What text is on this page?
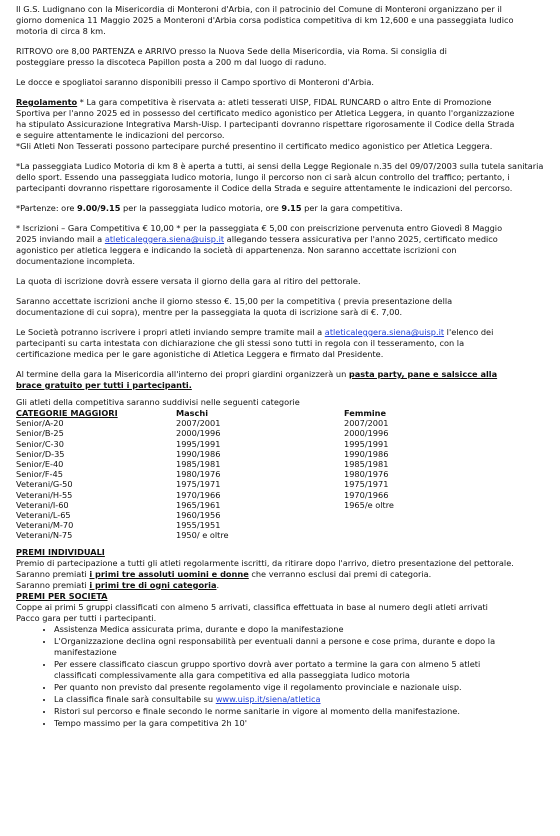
Il G.S. Ludignano con la Misericordia di Monteroni d'Arbia, con il patrocinio del Comune di Monteroni organizzano per il

giorno domenica 11 Maggio 2025 a Monteroni d'Arbia corsa podistica competitiva di km 12,600 e una passeggiata ludico

motoria di circa 8 km.

RITROVO ore 8,00 PARTENZA e ARRIVO presso la Nuova Sede della Misericordia, via Roma. Si consiglia di

posteggiare presso la discoteca Papillon posta a 200 m dal luogo di raduno.

Le docce e spogliatoi saranno disponibili presso il Campo sportivo di Monteroni d'Arbia.

Regolamento * La gara competitiva è riservata a: atleti tesserati UISP, FIDAL RUNCARD o altro Ente di Promozione

Sportiva per l'anno 2025 ed in possesso del certificato medico agonistico per Atletica Leggera, in quanto l'organizzazione

ha stipulato Assicurazione Integrativa Marsh-Uisp. I partecipanti dovranno rispettare rigorosamente il Codice della Strada

e seguire attentamente le indicazioni del percorso.

*Gli Atleti Non Tesserati possono partecipare purché presentino il certificato medico agonistico per Atletica Leggera.

*La passeggiata Ludico Motoria di km 8 è aperta a tutti, ai sensi della Legge Regionale n.35 del 09/07/2003 sulla tutela sanitaria

dello sport. Essendo una passeggiata ludico motoria, lungo il percorso non ci sarà alcun controllo del traffico; pertanto, i

partecipanti dovranno rispettare rigorosamente il Codice della Strada e seguire attentamente le indicazioni del percorso.

*Partenze: ore 9.00/9.15 per la passeggiata ludico motoria, ore 9.15 per la gara competitiva.

* Iscrizioni – Gara Competitiva € 10,00 * per la passeggiata € 5,00 con preiscrizione pervenuta entro Giovedì 8 Maggio

2025 inviando mail a atleticaleggera.siena@uisp.it allegando tessera assicurativa per l'anno 2025, certificato medico

agonistico per atletica leggera e indicando la società di appartenenza. Non saranno accettate iscrizioni con

documentazione incompleta.

La quota di iscrizione dovrà essere versata il giorno della gara al ritiro del pettorale.

Saranno accettate iscrizioni anche il giorno stesso €. 15,00 per la competitiva ( previa presentazione della

documentazione di cui sopra), mentre per la passeggiata la quota di iscrizione sarà di €. 7,00.

Le Società potranno iscrivere i propri atleti inviando sempre tramite mail a atleticaleggera.siena@uisp.it l'elenco dei

partecipanti su carta intestata con dichiarazione che gli stessi sono tutti in regola con il tesseramento, con la

certificazione medica per le gare agonistiche di Atletica Leggera e firmato dal Presidente.

Al termine della gara la Misericordia all'interno dei propri giardini organizzerà un pasta party, pane e salsicce alla

brace gratuito per tutti i partecipanti.

Gli atleti della competitiva saranno suddivisi nelle seguenti categorie

CATEGORIE MAGGIORI	Maschi	Femmine
Senior/A-20	2007/2001	2007/2001
Senior/B-25	2000/1996	2000/1996
Senior/C-30	1995/1991	1995/1991
Senior/D-35	1990/1986	1990/1986
Senior/E-40	1985/1981	1985/1981
Senior/F-45	1980/1976	1980/1976
Veterani/G-50	1975/1971	1975/1971
Veterani/H-55	1970/1966	1970/1966
Veterani/I-60	1965/1961	1965/e oltre
Veterani/L-65	1960/1956
Veterani/M-70	1955/1951
Veterani/N-75	1950/ e oltre

PREMI INDIVIDUALI

Premio di partecipazione a tutti gli atleti regolarmente iscritti, da ritirare dopo l'arrivo, dietro presentazione del pettorale.

Saranno premiati i primi tre assoluti uomini e donne che verranno esclusi dai premi di categoria.

Saranno premiati i primi tre di ogni categoria.

PREMI PER SOCIETA

Coppe ai primi 5 gruppi classificati con almeno 5 arrivati, classifica effettuata in base al numero degli atleti arrivati

Pacco gara per tutti i partecipanti.

• Assistenza Medica assicurata prima, durante e dopo la manifestazione
• L'Organizzazione declina ogni responsabilità per eventuali danni a persone e cose prima, durante e dopo la
manifestazione
• Per essere classificato ciascun gruppo sportivo dovrà aver portato a termine la gara con almeno 5 atleti
classificati complessivamente alla gara competitiva ed alla passeggiata ludico motoria
• Per quanto non previsto dal presente regolamento vige il regolamento provinciale e nazionale uisp.
• La classifica finale sarà consultabile su www.uisp.it/siena/atletica
• Ristori sul percorso e finale secondo le norme sanitarie in vigore al momento della manifestazione.
• Tempo massimo per la gara competitiva 2h 10'
